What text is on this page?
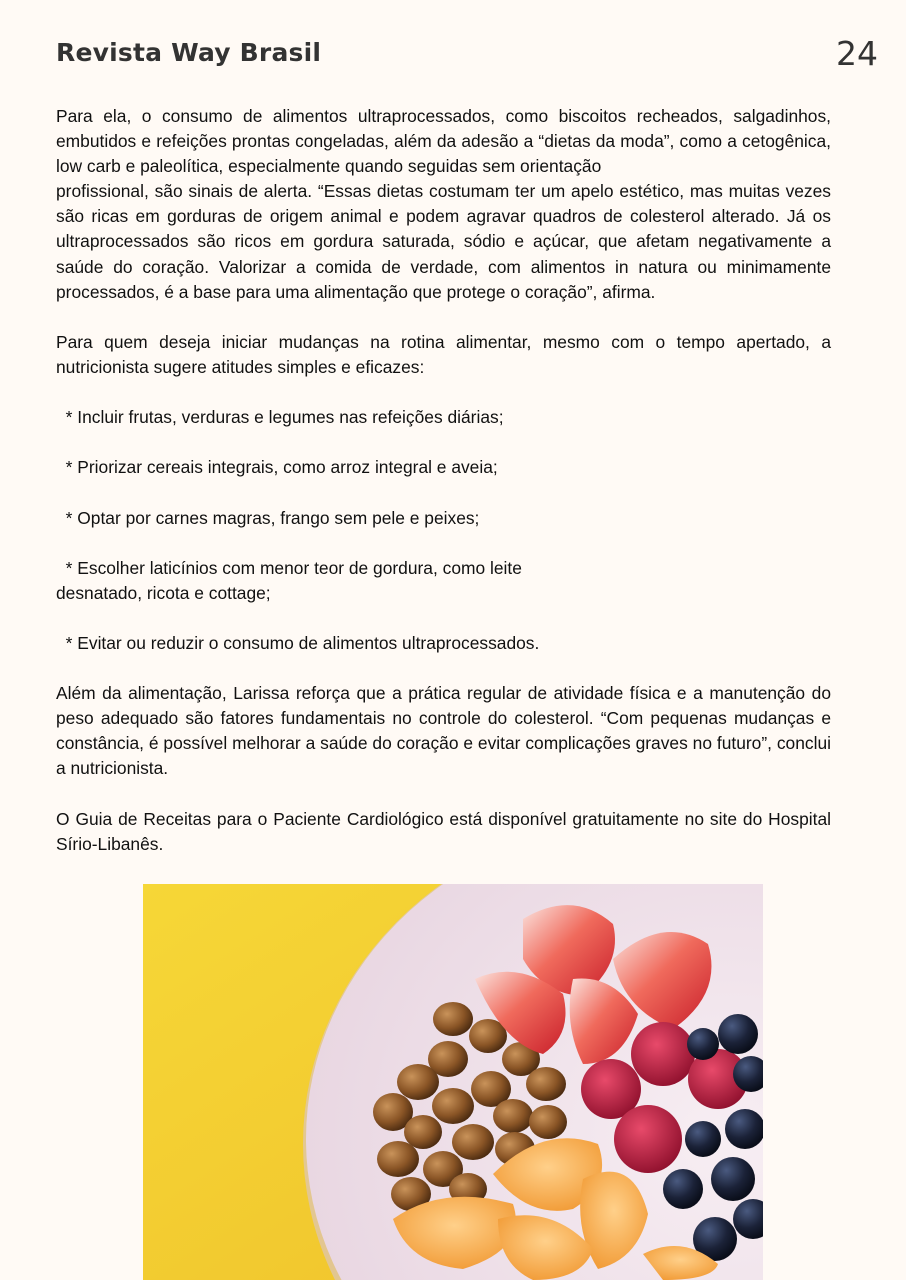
Revista Way Brasil	24

Para ela, o consumo de alimentos ultraprocessados, como biscoitos recheados, salgadinhos, embutidos e refeições prontas congeladas, além da adesão a “dietas da moda”, como a cetogênica, low carb e paleolítica, especialmente quando seguidas sem orientação

profissional, são sinais de alerta. “Essas dietas costumam ter um apelo estético, mas muitas vezes são ricas em gorduras de origem animal e podem agravar quadros de colesterol alterado. Já os ultraprocessados são ricos em gordura saturada, sódio e açúcar, que afetam negativamente a saúde do coração. Valorizar a comida de verdade, com alimentos in natura ou minimamente processados, é a base para uma alimentação que protege o coração”, afirma.

Para quem deseja iniciar mudanças na rotina alimentar, mesmo com o tempo apertado, a nutricionista sugere atitudes simples e eficazes:

* Incluir frutas, verduras e legumes nas refeições diárias;
* Priorizar cereais integrais, como arroz integral e aveia;
* Optar por carnes magras, frango sem pele e peixes;
* Escolher laticínios com menor teor de gordura, como leite
desnatado, ricota e cottage;
* Evitar ou reduzir o consumo de alimentos ultraprocessados.

Além da alimentação, Larissa reforça que a prática regular de atividade física e a manutenção do peso adequado são fatores fundamentais no controle do colesterol. “Com pequenas mudanças e constância, é possível melhorar a saúde do coração e evitar complicações graves no futuro”, conclui a nutricionista.

O Guia de Receitas para o Paciente Cardiológico está disponível gratuitamente no site do Hospital Sírio-Libanês.
